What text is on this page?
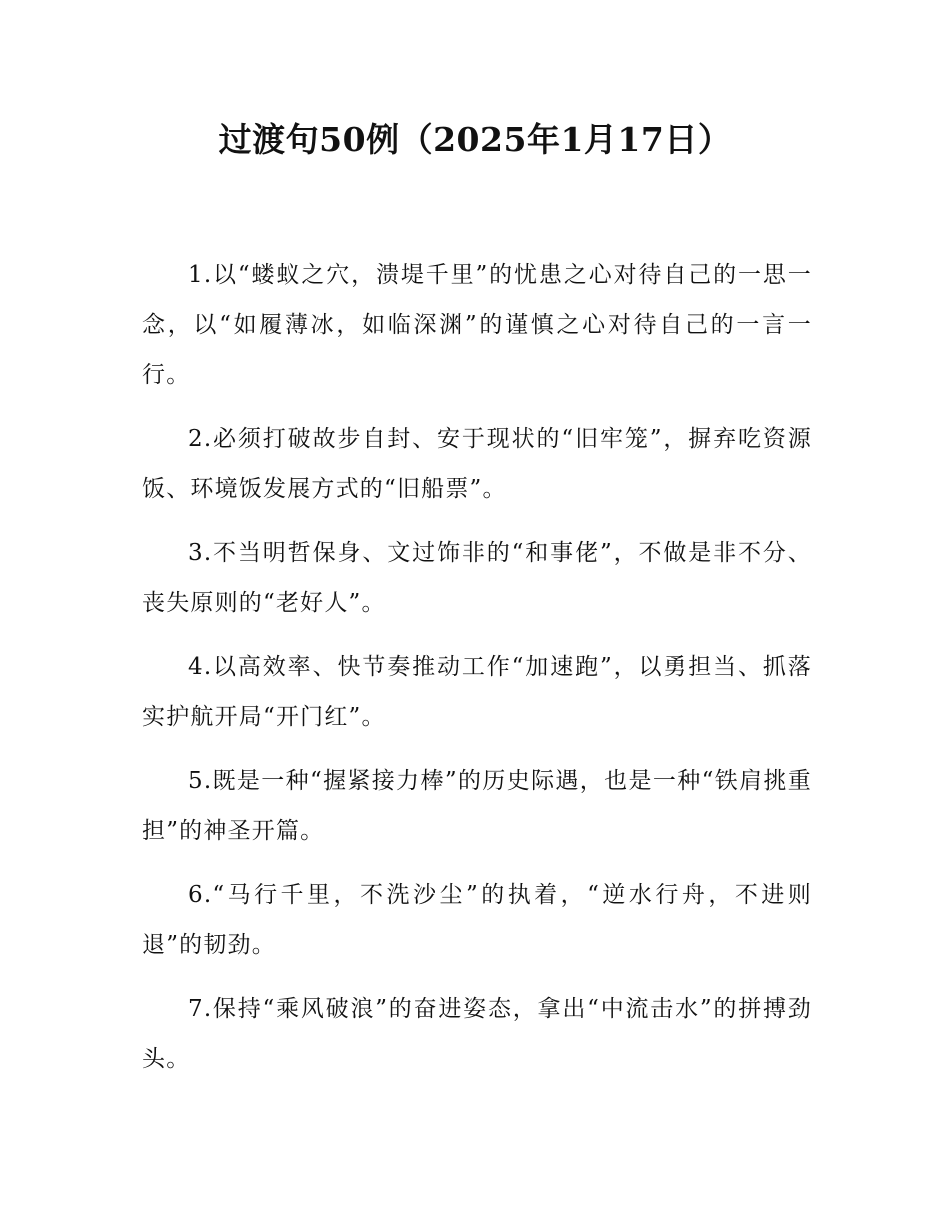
过渡句50例（2025年1月17日）

1.以“蝼蚁之穴，溃堤千里”的忧患之心对待自己的一思一念，以“如履薄冰，如临深渊”的谨慎之心对待自己的一言一行。

2.必须打破故步自封、安于现状的“旧牢笼”，摒弃吃资源饭、环境饭发展方式的“旧船票”。

3.不当明哲保身、文过饰非的“和事佬”，不做是非不分、丧失原则的“老好人”。

4.以高效率、快节奏推动工作“加速跑”，以勇担当、抓落实护航开局“开门红”。

5.既是一种“握紧接力棒”的历史际遇，也是一种“铁肩挑重担”的神圣开篇。

6.“马行千里，不洗沙尘”的执着，“逆水行舟，不进则退”的韧劲。

7.保持“乘风破浪”的奋进姿态，拿出“中流击水”的拼搏劲头。
